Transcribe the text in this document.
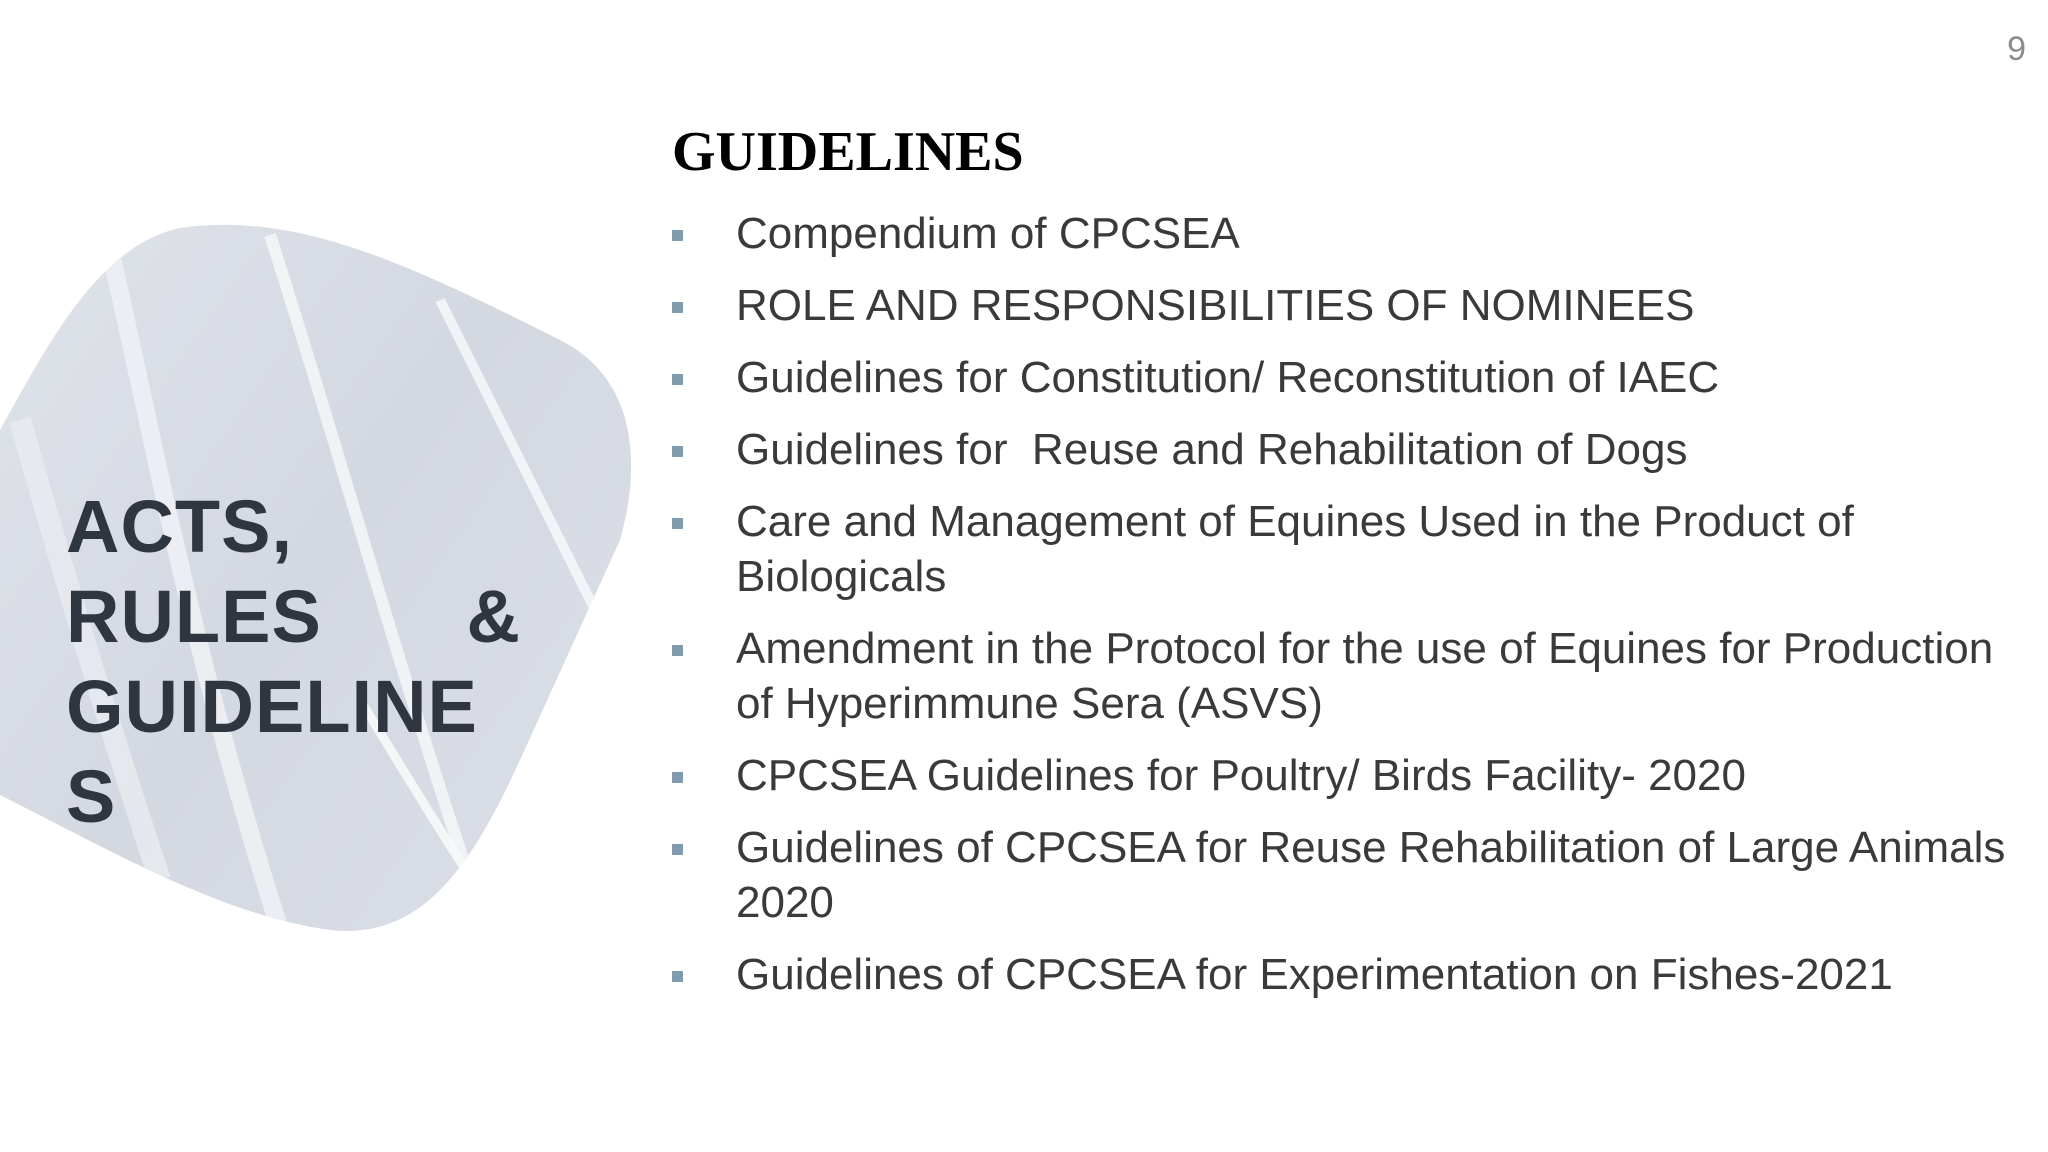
9
ACTS,
RULES &
GUIDELINE
S
GUIDELINES
Compendium of CPCSEA
ROLE AND RESPONSIBILITIES OF NOMINEES
Guidelines for Constitution/ Reconstitution of IAEC
Guidelines for  Reuse and Rehabilitation of Dogs
Care and Management of Equines Used in the Product of Biologicals
Amendment in the Protocol for the use of Equines for Production of Hyperimmune Sera (ASVS)
CPCSEA Guidelines for Poultry/ Birds Facility- 2020
Guidelines of CPCSEA for Reuse Rehabilitation of Large Animals 2020
Guidelines of CPCSEA for Experimentation on Fishes-2021
